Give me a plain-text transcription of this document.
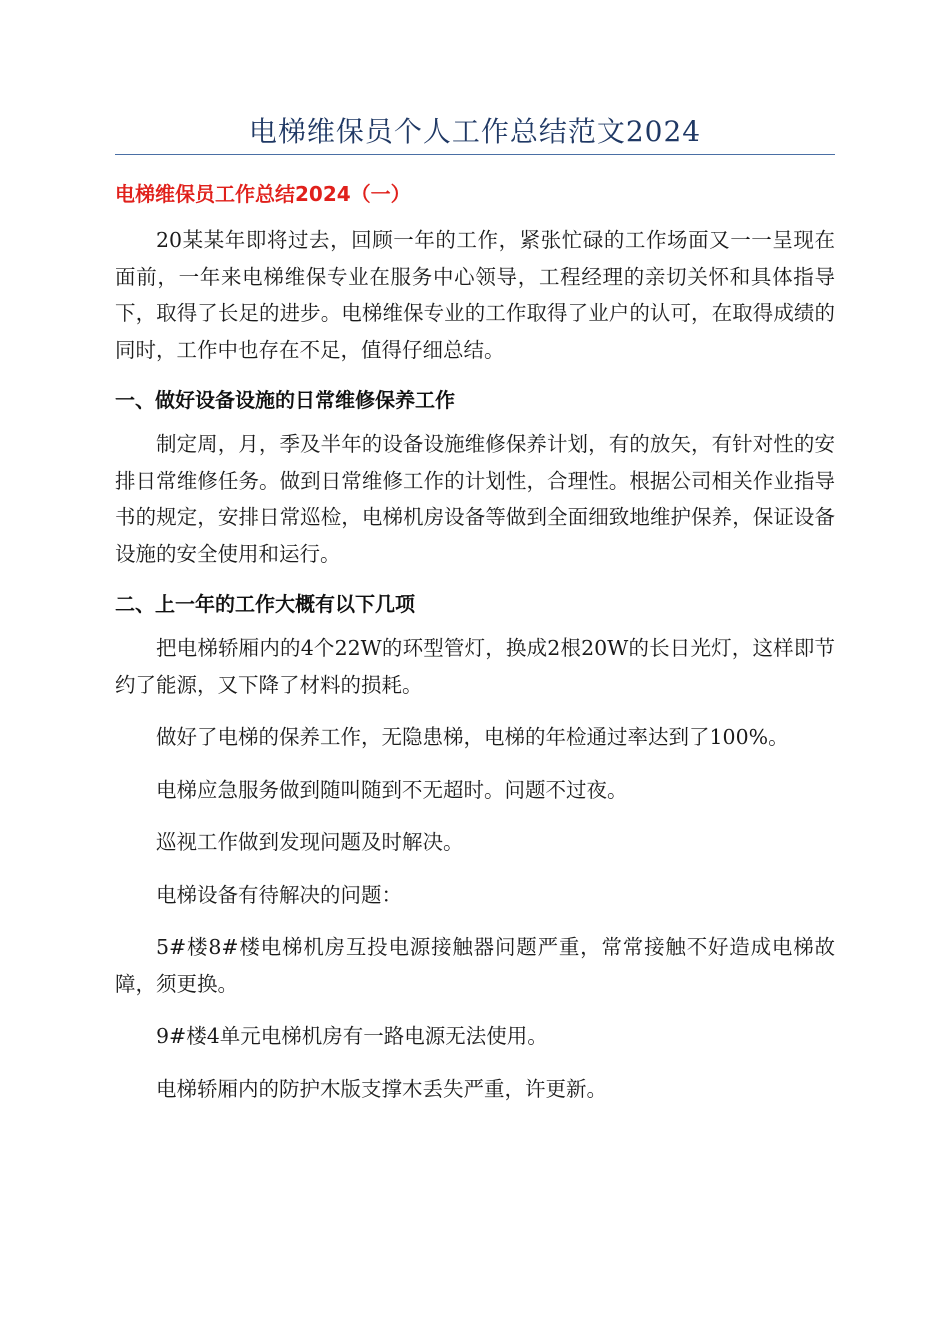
电梯维保员个人工作总结范文2024
电梯维保员工作总结2024（一）

20某某年即将过去，回顾一年的工作，紧张忙碌的工作场面又一一呈现在面前，一年来电梯维保专业在服务中心领导，工程经理的亲切关怀和具体指导下，取得了长足的进步。电梯维保专业的工作取得了业户的认可，在取得成绩的同时，工作中也存在不足，值得仔细总结。

一、做好设备设施的日常维修保养工作

制定周，月，季及半年的设备设施维修保养计划，有的放矢，有针对性的安排日常维修任务。做到日常维修工作的计划性，合理性。根据公司相关作业指导书的规定，安排日常巡检，电梯机房设备等做到全面细致地维护保养，保证设备设施的安全使用和运行。

二、上一年的工作大概有以下几项

把电梯轿厢内的4个22W的环型管灯，换成2根20W的长日光灯，这样即节约了能源，又下降了材料的损耗。

做好了电梯的保养工作，无隐患梯，电梯的年检通过率达到了100%。

电梯应急服务做到随叫随到不无超时。问题不过夜。

巡视工作做到发现问题及时解决。

电梯设备有待解决的问题：

5#楼8#楼电梯机房互投电源接触器问题严重，常常接触不好造成电梯故障，须更换。

9#楼4单元电梯机房有一路电源无法使用。

电梯轿厢内的防护木版支撑木丢失严重，许更新。
